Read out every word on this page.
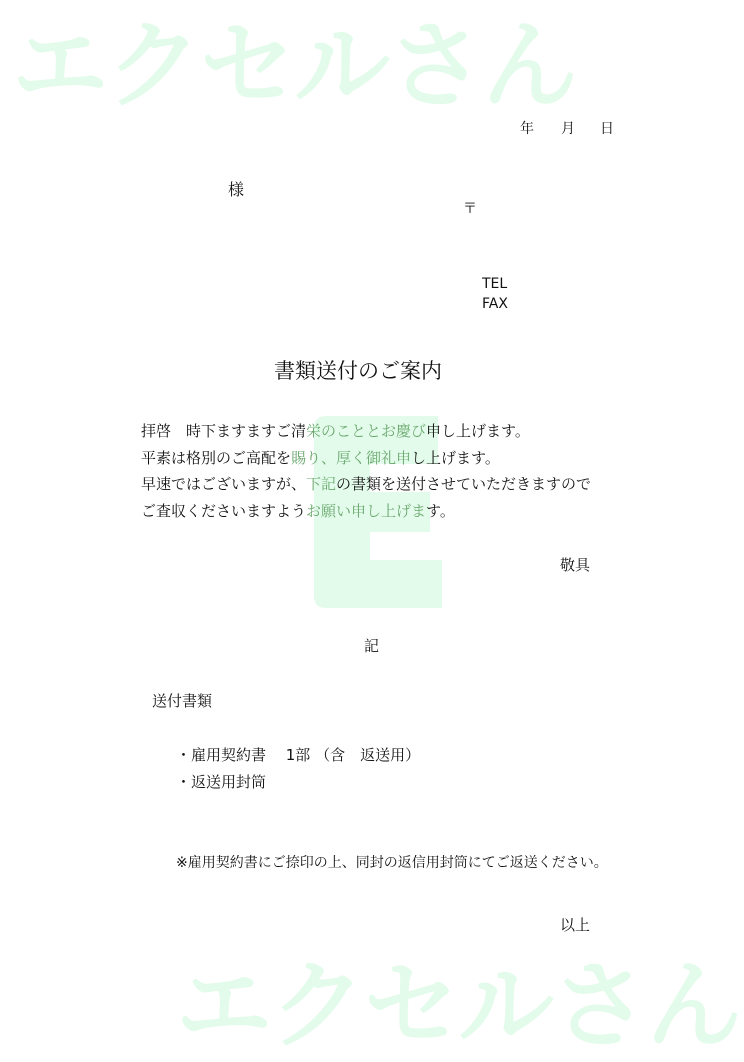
エクセルさん
エクセルさん
年 月 日
様
〒
TEL
FAX
書類送付のご案内
拝啓　時下ますますご清栄のこととお慶び申し上げます。
平素は格別のご高配を賜り、厚く御礼申し上げます。
早速ではございますが、下記の書類を送付させていただきますので
ご査収くださいますようお願い申し上げます。
敬具
記
送付書類
・雇用契約書　 1部 （含　返送用）
・返送用封筒
※雇用契約書にご捺印の上、同封の返信用封筒にてご返送ください。
以上
